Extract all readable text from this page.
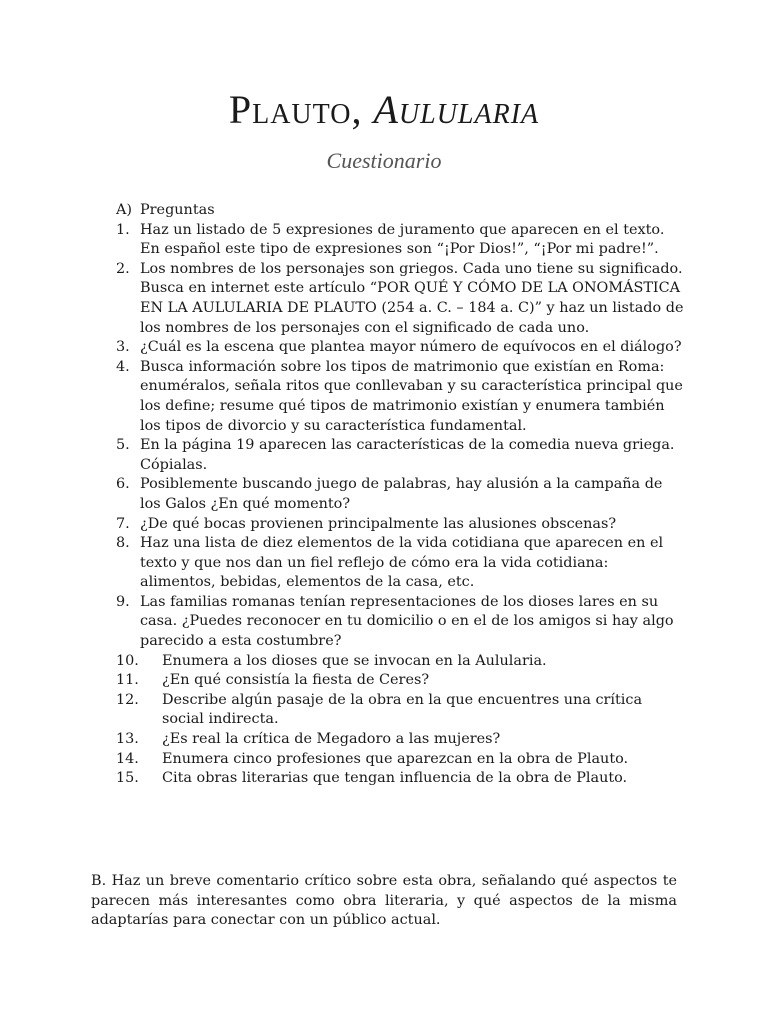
Plauto, Aulularia
Cuestionario
A) Preguntas
1. Haz un listado de 5 expresiones de juramento que aparecen en el texto. En español este tipo de expresiones son “¡Por Dios!”, “¡Por mi padre!”.
2. Los nombres de los personajes son griegos. Cada uno tiene su significado. Busca en internet este artículo “POR QUÉ Y CÓMO DE LA ONOMÁSTICA EN LA AULULARIA DE PLAUTO (254 a. C. – 184 a. C)” y haz un listado de los nombres de los personajes con el significado de cada uno.
3. ¿Cuál es la escena que plantea mayor número de equívocos en el diálogo?
4. Busca información sobre los tipos de matrimonio que existían en Roma: enuméralos, señala ritos que conllevaban y su característica principal que los define; resume qué tipos de matrimonio existían y enumera también los tipos de divorcio y su característica fundamental.
5. En la página 19 aparecen las características de la comedia nueva griega. Cópialas.
6. Posiblemente buscando juego de palabras, hay alusión a la campaña de los Galos ¿En qué momento?
7. ¿De qué bocas provienen principalmente las alusiones obscenas?
8. Haz una lista de diez elementos de la vida cotidiana que aparecen en el texto y que nos dan un fiel reflejo de cómo era la vida cotidiana: alimentos, bebidas, elementos de la casa, etc.
9. Las familias romanas tenían representaciones de los dioses lares en su casa. ¿Puedes reconocer en tu domicilio o en el de los amigos si hay algo parecido a esta costumbre?
10. Enumera a los dioses que se invocan en la Aulularia.
11. ¿En qué consistía la fiesta de Ceres?
12. Describe algún pasaje de la obra en la que encuentres una crítica social indirecta.
13. ¿Es real la crítica de Megadoro a las mujeres?
14. Enumera cinco profesiones que aparezcan en la obra de Plauto.
15. Cita obras literarias que tengan influencia de la obra de Plauto.
B. Haz un breve comentario crítico sobre esta obra, señalando qué aspectos te parecen más interesantes como obra literaria, y qué aspectos de la misma adaptarías para conectar con un público actual.
